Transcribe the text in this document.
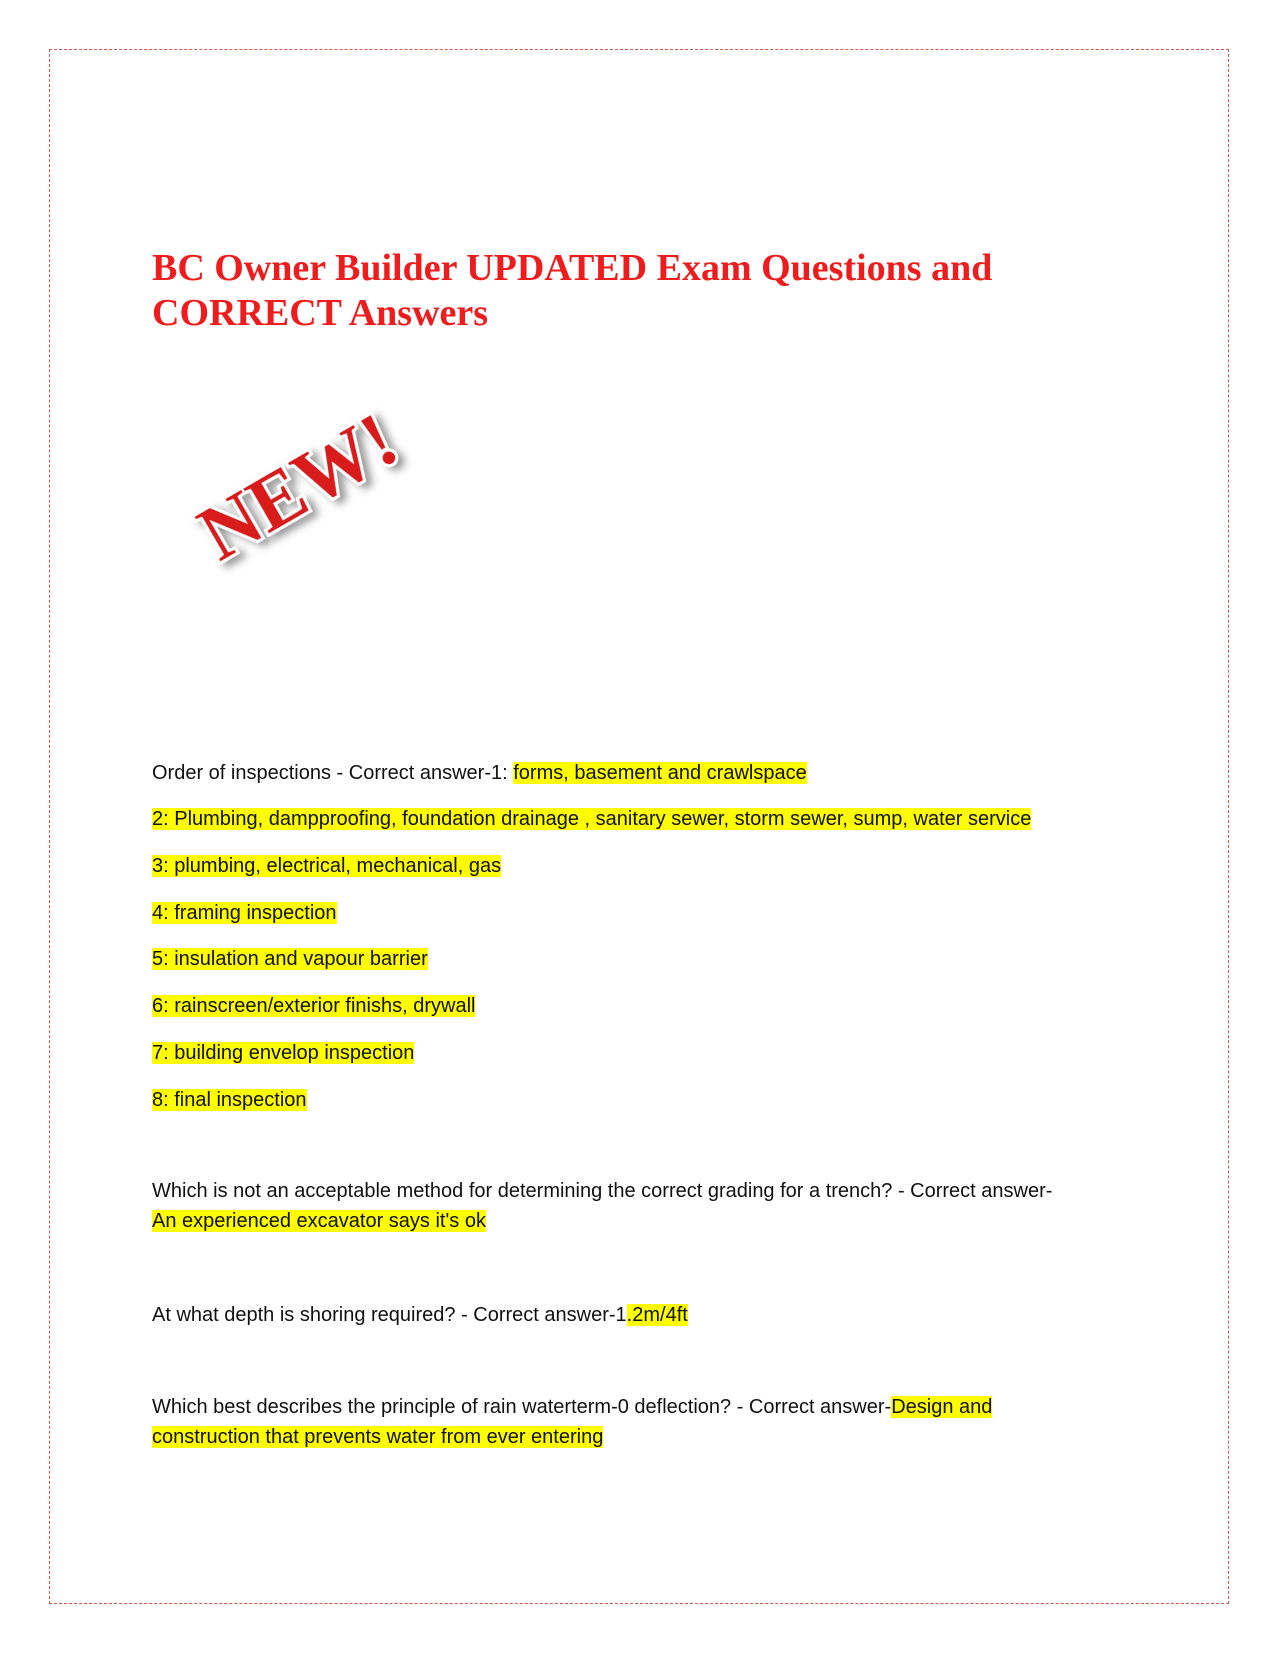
BC Owner Builder UPDATED Exam Questions and CORRECT Answers
NEW!
Order of inspections - Correct answer-1: forms, basement and crawlspace
2: Plumbing, dampproofing, foundation drainage , sanitary sewer, storm sewer, sump, water service
3: plumbing, electrical, mechanical, gas
4: framing inspection
5: insulation and vapour barrier
6: rainscreen/exterior finishs, drywall
7: building envelop inspection
8: final inspection
Which is not an acceptable method for determining the correct grading for a trench? - Correct answer-
An experienced excavator says it's ok
At what depth is shoring required? - Correct answer-1.2m/4ft
Which best describes the principle of rain waterterm-0 deflection? - Correct answer-Design and construction that prevents water from ever entering
